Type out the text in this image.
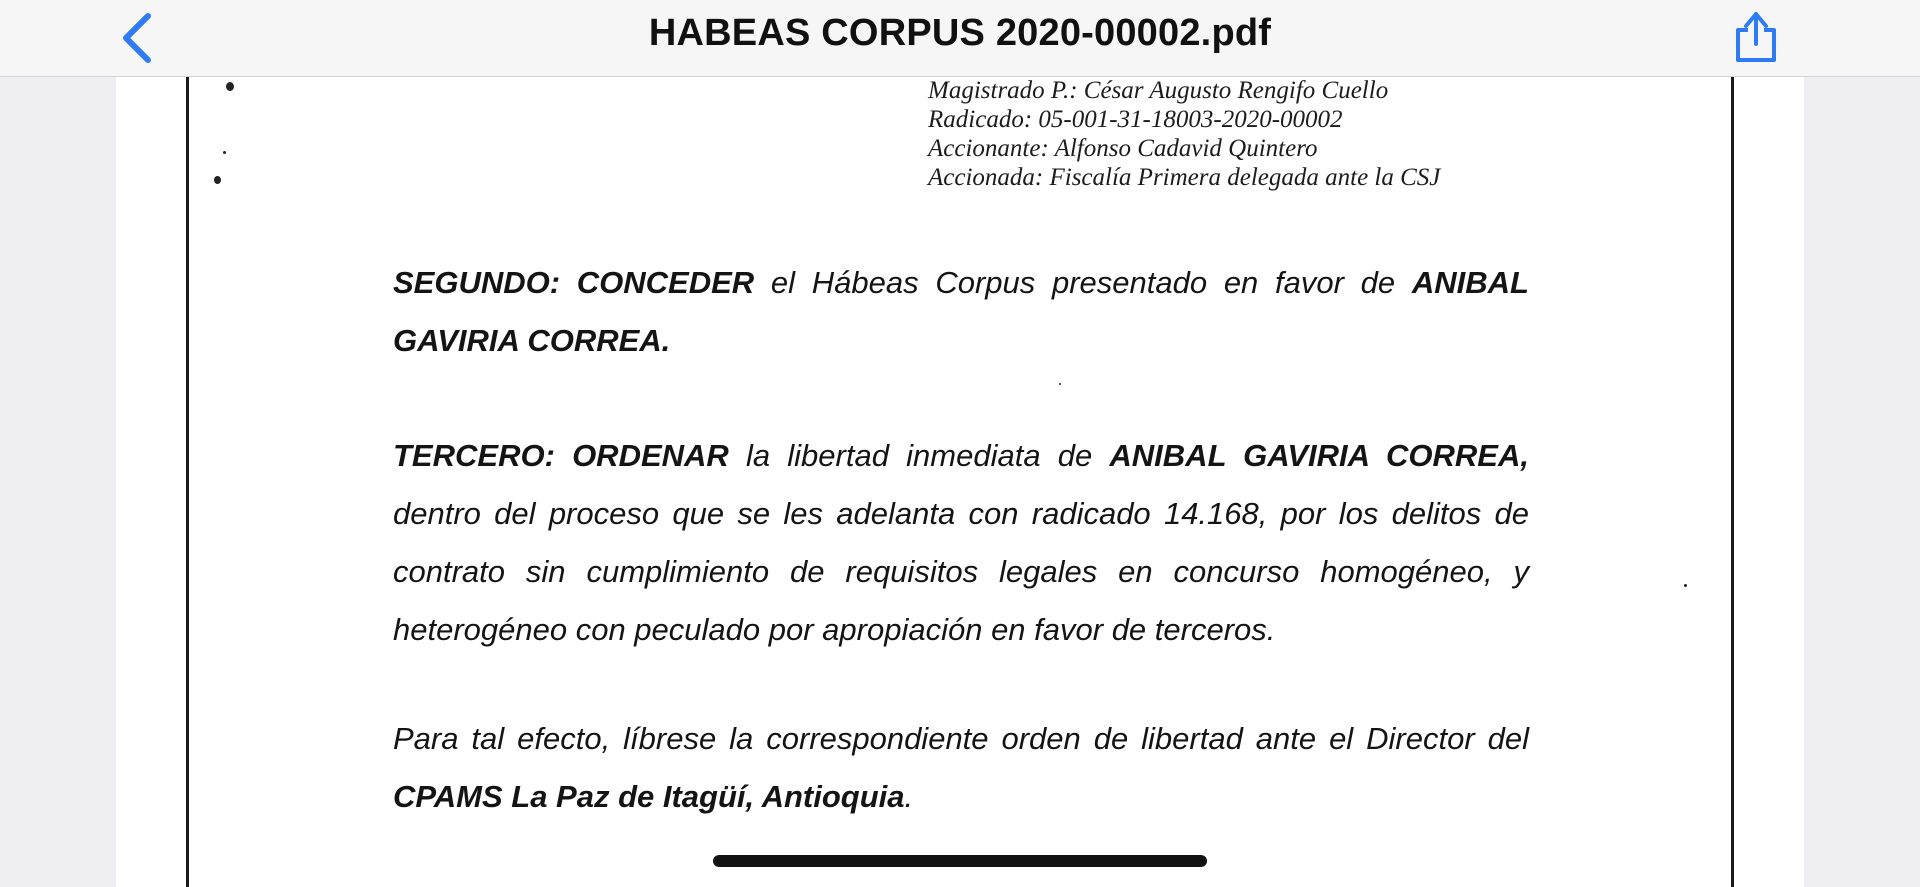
HABEAS CORPUS 2020-00002.pdf
Magistrado P.: César Augusto Rengifo Cuello
Radicado: 05-001-31-18003-2020-00002
Accionante: Alfonso Cadavid Quintero
Accionada: Fiscalía Primera delegada ante la CSJ
SEGUNDO: CONCEDER el Hábeas Corpus presentado en favor de ANIBAL GAVIRIA CORREA.
TERCERO: ORDENAR la libertad inmediata de ANIBAL GAVIRIA CORREA, dentro del proceso que se les adelanta con radicado 14.168, por los delitos de contrato sin cumplimiento de requisitos legales en concurso homogéneo, y heterogéneo con peculado por apropiación en favor de terceros.
Para tal efecto, líbrese la correspondiente orden de libertad ante el Director del CPAMS La Paz de Itagüí, Antioquia.
